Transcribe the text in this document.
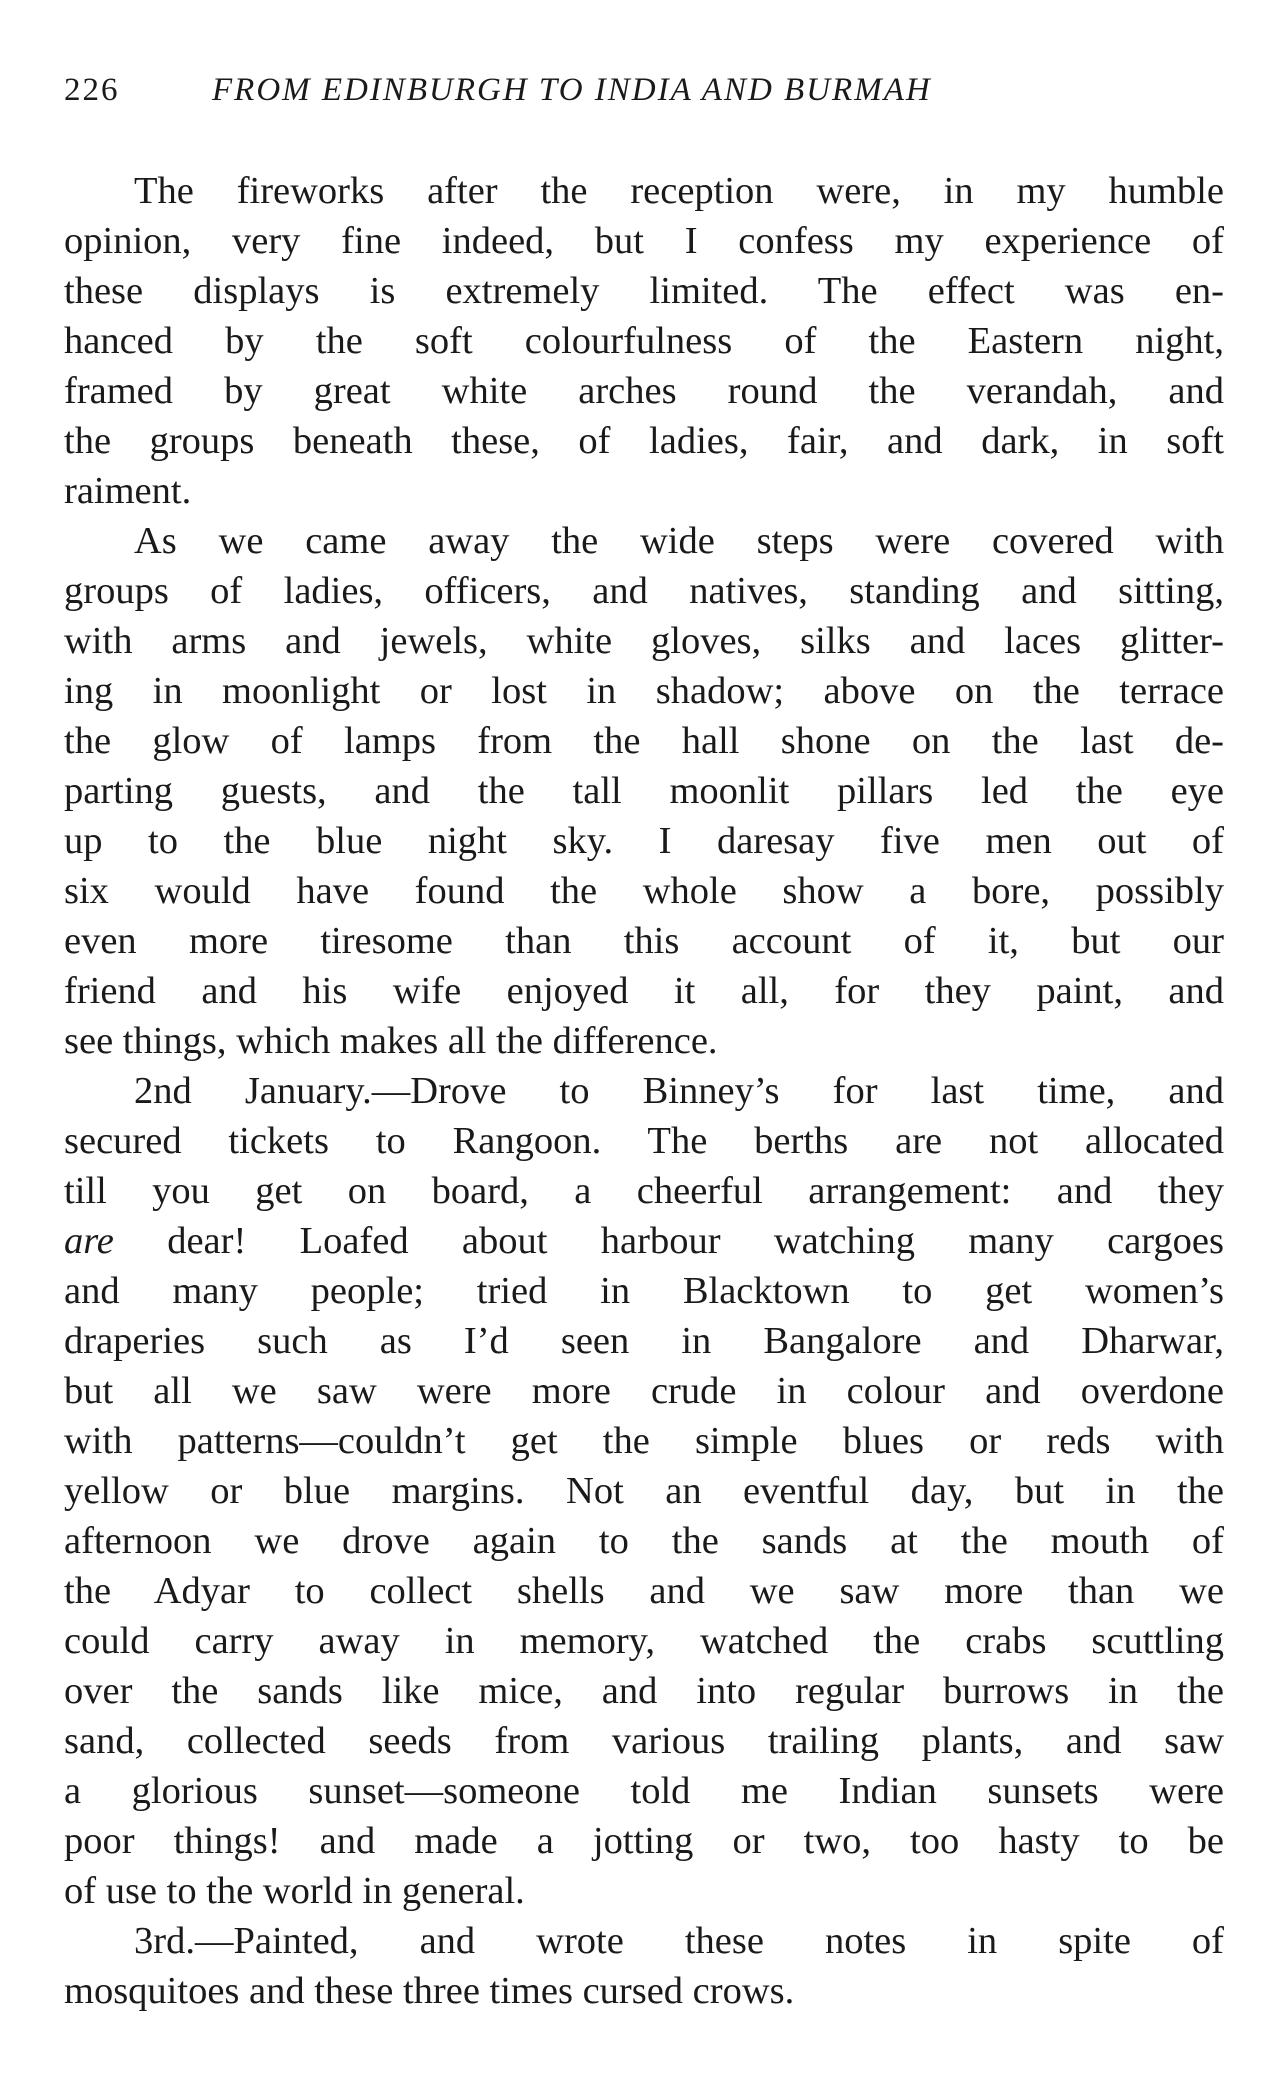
226	FROM EDINBURGH TO INDIA AND BURMAH
The fireworks after the reception were, in my humble
opinion, very fine indeed, but I confess my experience of
these displays is extremely limited. The effect was en-
hanced by the soft colourfulness of the Eastern night,
framed by great white arches round the verandah, and
the groups beneath these, of ladies, fair, and dark, in soft
raiment.
As we came away the wide steps were covered with
groups of ladies, officers, and natives, standing and sitting,
with arms and jewels, white gloves, silks and laces glitter-
ing in moonlight or lost in shadow; above on the terrace
the glow of lamps from the hall shone on the last de-
parting guests, and the tall moonlit pillars led the eye
up to the blue night sky. I daresay five men out of
six would have found the whole show a bore, possibly
even more tiresome than this account of it, but our
friend and his wife enjoyed it all, for they paint, and
see things, which makes all the difference.
2nd January.—Drove to Binney’s for last time, and
secured tickets to Rangoon. The berths are not allocated
till you get on board, a cheerful arrangement: and they
are dear! Loafed about harbour watching many cargoes
and many people; tried in Blacktown to get women’s
draperies such as I’d seen in Bangalore and Dharwar,
but all we saw were more crude in colour and overdone
with patterns—couldn’t get the simple blues or reds with
yellow or blue margins. Not an eventful day, but in the
afternoon we drove again to the sands at the mouth of
the Adyar to collect shells and we saw more than we
could carry away in memory, watched the crabs scuttling
over the sands like mice, and into regular burrows in the
sand, collected seeds from various trailing plants, and saw
a glorious sunset—someone told me Indian sunsets were
poor things! and made a jotting or two, too hasty to be
of use to the world in general.
3rd.—Painted, and wrote these notes in spite of
mosquitoes and these three times cursed crows.
